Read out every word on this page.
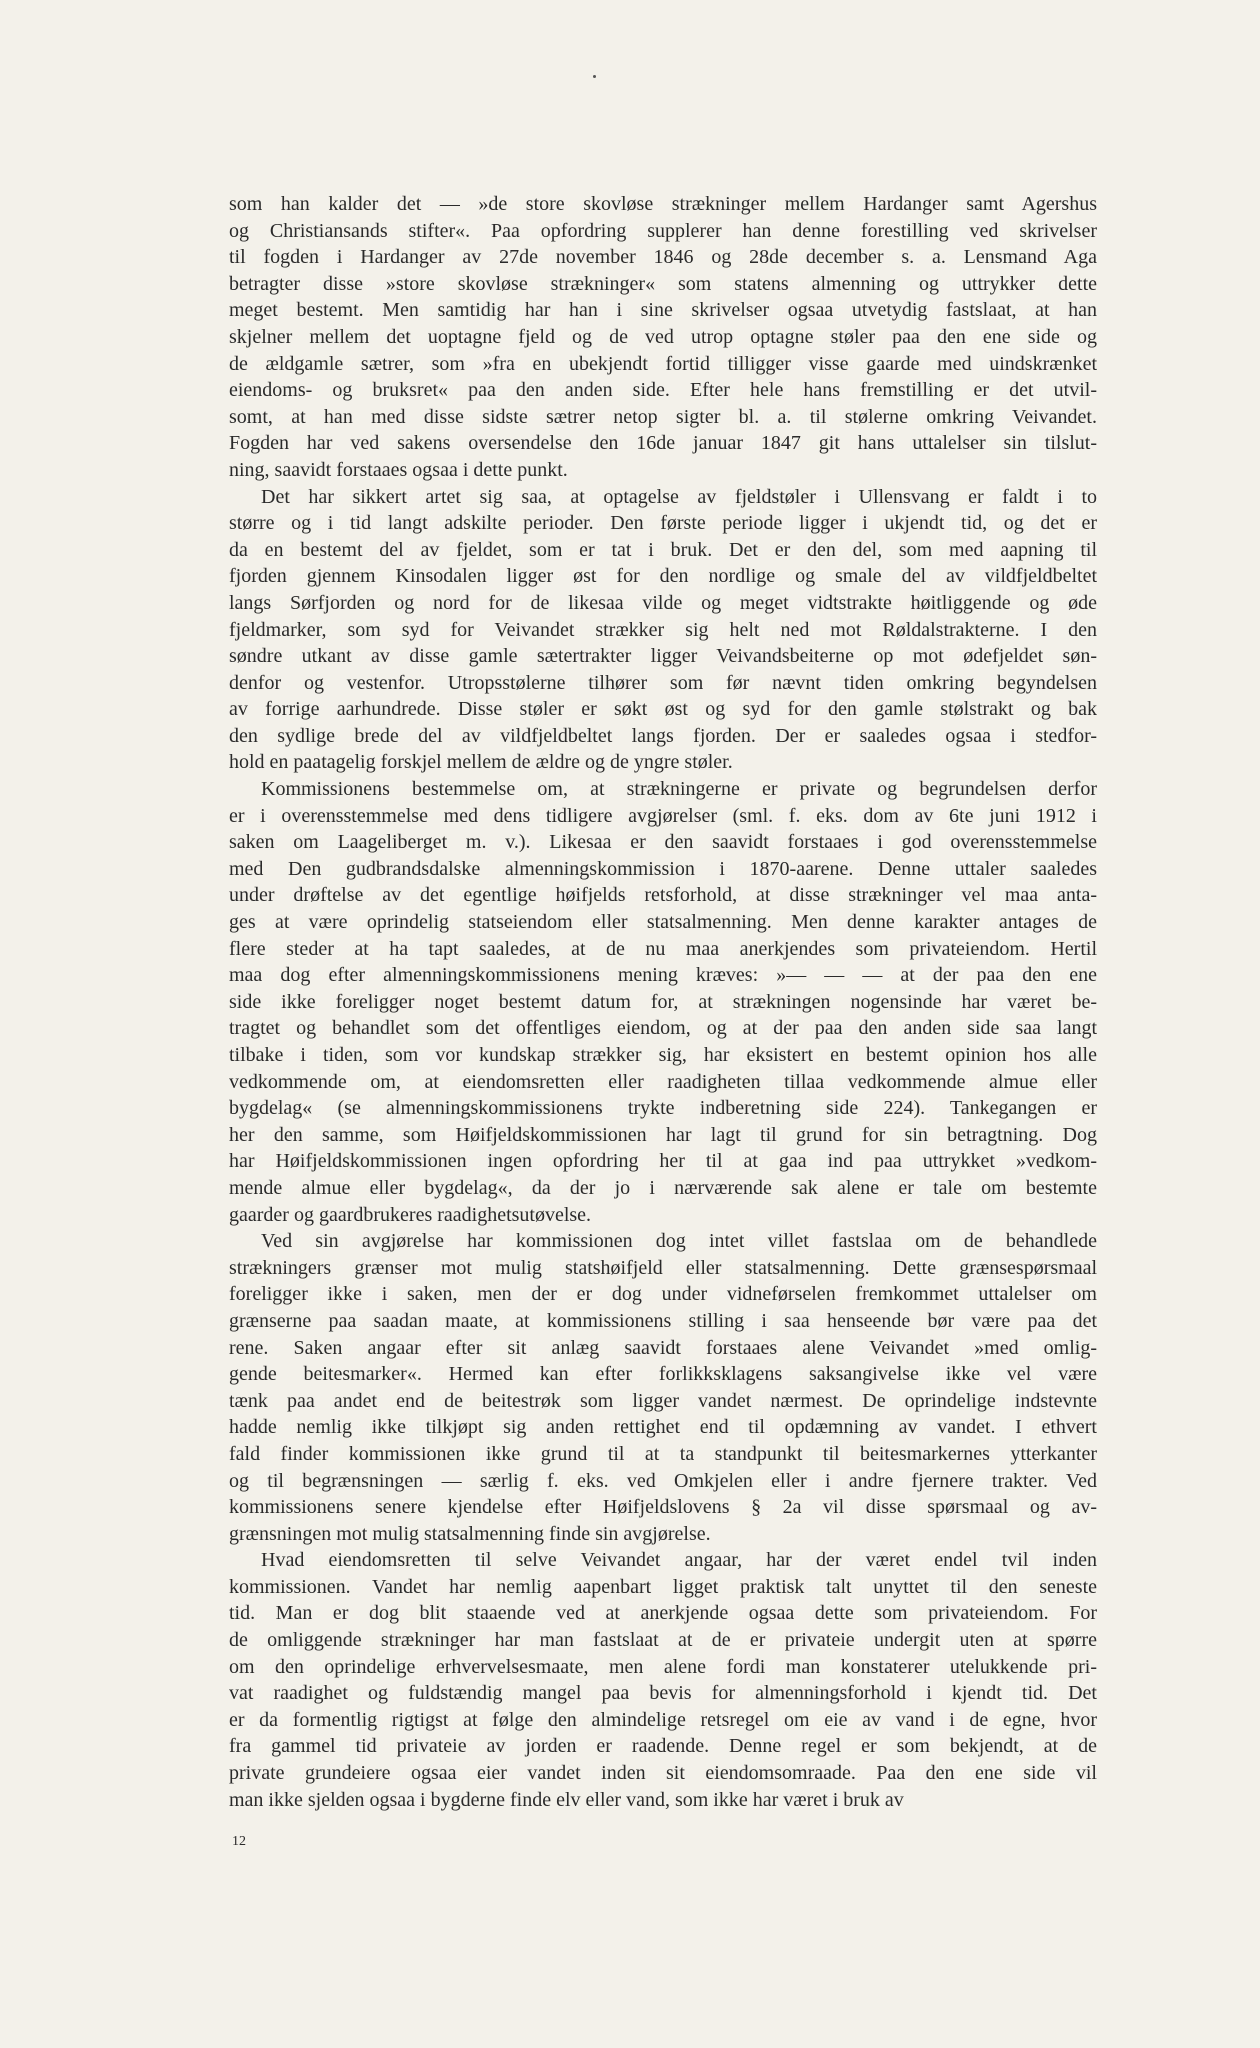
som han kalder det — »de store skovløse strækninger mellem Hardanger samt Agershus
og Christiansands stifter«. Paa opfordring supplerer han denne forestilling ved skrivelser
til fogden i Hardanger av 27de november 1846 og 28de december s. a. Lensmand Aga
betragter disse »store skovløse strækninger« som statens almenning og uttrykker dette
meget bestemt. Men samtidig har han i sine skrivelser ogsaa utvetydig fastslaat, at han
skjelner mellem det uoptagne fjeld og de ved utrop optagne støler paa den ene side og
de ældgamle sætrer, som »fra en ubekjendt fortid tilligger visse gaarde med uindskrænket
eiendoms- og bruksret« paa den anden side. Efter hele hans fremstilling er det utvil-
somt, at han med disse sidste sætrer netop sigter bl. a. til stølerne omkring Veivandet.
Fogden har ved sakens oversendelse den 16de januar 1847 git hans uttalelser sin tilslut-
ning, saavidt forstaaes ogsaa i dette punkt.
Det har sikkert artet sig saa, at optagelse av fjeldstøler i Ullensvang er faldt i to
større og i tid langt adskilte perioder. Den første periode ligger i ukjendt tid, og det er
da en bestemt del av fjeldet, som er tat i bruk. Det er den del, som med aapning til
fjorden gjennem Kinsodalen ligger øst for den nordlige og smale del av vildfjeldbeltet
langs Sørfjorden og nord for de likesaa vilde og meget vidtstrakte høitliggende og øde
fjeldmarker, som syd for Veivandet strækker sig helt ned mot Røldalstrakterne. I den
søndre utkant av disse gamle sætertrakter ligger Veivandsbeiterne op mot ødefjeldet søn-
denfor og vestenfor. Utropsstølerne tilhører som før nævnt tiden omkring begyndelsen
av forrige aarhundrede. Disse støler er søkt øst og syd for den gamle stølstrakt og bak
den sydlige brede del av vildfjeldbeltet langs fjorden. Der er saaledes ogsaa i stedfor-
hold en paatagelig forskjel mellem de ældre og de yngre støler.
Kommissionens bestemmelse om, at strækningerne er private og begrundelsen derfor
er i overensstemmelse med dens tidligere avgjørelser (sml. f. eks. dom av 6te juni 1912 i
saken om Laageliberget m. v.). Likesaa er den saavidt forstaaes i god overensstemmelse
med Den gudbrandsdalske almenningskommission i 1870-aarene. Denne uttaler saaledes
under drøftelse av det egentlige høifjelds retsforhold, at disse strækninger vel maa anta-
ges at være oprindelig statseiendom eller statsalmenning. Men denne karakter antages de
flere steder at ha tapt saaledes, at de nu maa anerkjendes som privateiendom. Hertil
maa dog efter almenningskommissionens mening kræves: »— — — at der paa den ene
side ikke foreligger noget bestemt datum for, at strækningen nogensinde har været be-
tragtet og behandlet som det offentliges eiendom, og at der paa den anden side saa langt
tilbake i tiden, som vor kundskap strækker sig, har eksistert en bestemt opinion hos alle
vedkommende om, at eiendomsretten eller raadigheten tillaa vedkommende almue eller
bygdelag« (se almenningskommissionens trykte indberetning side 224). Tankegangen er
her den samme, som Høifjeldskommissionen har lagt til grund for sin betragtning. Dog
har Høifjeldskommissionen ingen opfordring her til at gaa ind paa uttrykket »vedkom-
mende almue eller bygdelag«, da der jo i nærværende sak alene er tale om bestemte
gaarder og gaardbrukeres raadighetsutøvelse.
Ved sin avgjørelse har kommissionen dog intet villet fastslaa om de behandlede
strækningers grænser mot mulig statshøifjeld eller statsalmenning. Dette grænsespørsmaal
foreligger ikke i saken, men der er dog under vidneførselen fremkommet uttalelser om
grænserne paa saadan maate, at kommissionens stilling i saa henseende bør være paa det
rene. Saken angaar efter sit anlæg saavidt forstaaes alene Veivandet »med omlig-
gende beitesmarker«. Hermed kan efter forlikksklagens saksangivelse ikke vel være
tænk paa andet end de beitestrøk som ligger vandet nærmest. De oprindelige indstevnte
hadde nemlig ikke tilkjøpt sig anden rettighet end til opdæmning av vandet. I ethvert
fald finder kommissionen ikke grund til at ta standpunkt til beitesmarkernes ytterkanter
og til begrænsningen — særlig f. eks. ved Omkjelen eller i andre fjernere trakter. Ved
kommissionens senere kjendelse efter Høifjeldslovens § 2a vil disse spørsmaal og av-
grænsningen mot mulig statsalmenning finde sin avgjørelse.
Hvad eiendomsretten til selve Veivandet angaar, har der været endel tvil inden
kommissionen. Vandet har nemlig aapenbart ligget praktisk talt unyttet til den seneste
tid. Man er dog blit staaende ved at anerkjende ogsaa dette som privateiendom. For
de omliggende strækninger har man fastslaat at de er privateie undergit uten at spørre
om den oprindelige erhvervelsesmaate, men alene fordi man konstaterer utelukkende pri-
vat raadighet og fuldstændig mangel paa bevis for almenningsforhold i kjendt tid. Det
er da formentlig rigtigst at følge den almindelige retsregel om eie av vand i de egne, hvor
fra gammel tid privateie av jorden er raadende. Denne regel er som bekjendt, at de
private grundeiere ogsaa eier vandet inden sit eiendomsomraade. Paa den ene side vil
man ikke sjelden ogsaa i bygderne finde elv eller vand, som ikke har været i bruk av
12
